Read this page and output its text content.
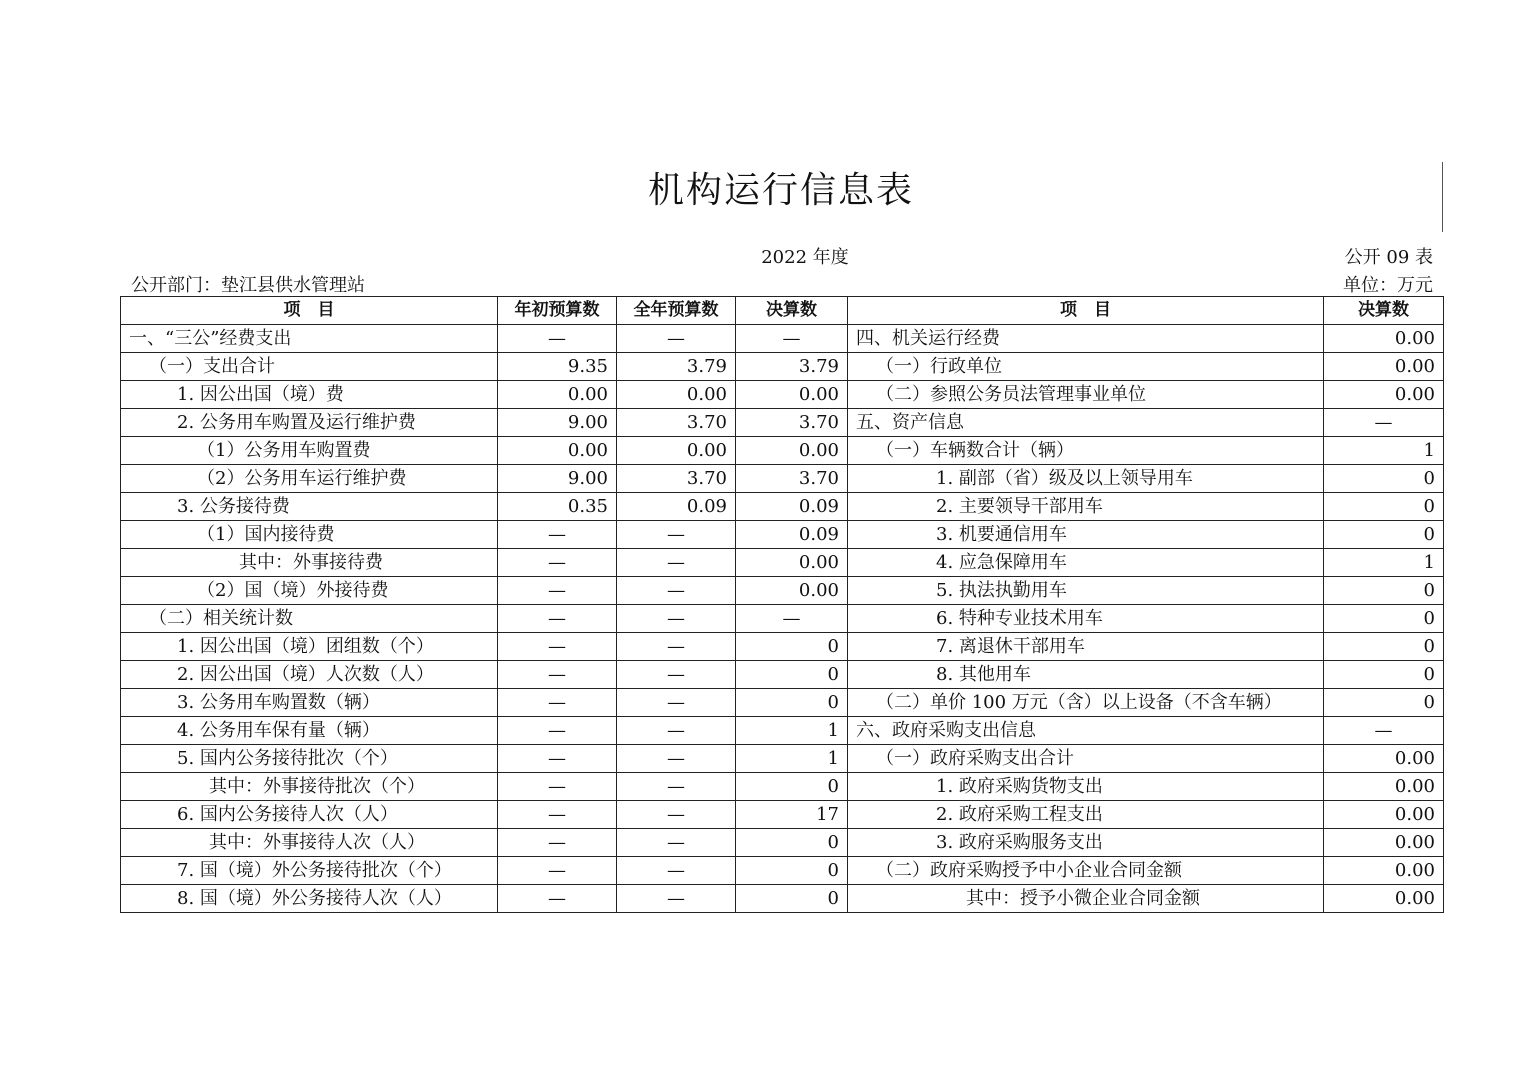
机构运行信息表
2022 年度	公开 09 表
公开部门：垫江县供水管理站	单位：万元
项　目	年初预算数	全年预算数	决算数	项　目	决算数
一、“三公”经费支出	—	—	—	四、机关运行经费	0.00
（一）支出合计	9.35	3.79	3.79	（一）行政单位	0.00
1. 因公出国（境）费	0.00	0.00	0.00	（二）参照公务员法管理事业单位	0.00
2. 公务用车购置及运行维护费	9.00	3.70	3.70	五、资产信息	—
（1）公务用车购置费	0.00	0.00	0.00	（一）车辆数合计（辆）	1
（2）公务用车运行维护费	9.00	3.70	3.70	1. 副部（省）级及以上领导用车	0
3. 公务接待费	0.35	0.09	0.09	2. 主要领导干部用车	0
（1）国内接待费	—	—	0.09	3. 机要通信用车	0
其中：外事接待费	—	—	0.00	4. 应急保障用车	1
（2）国（境）外接待费	—	—	0.00	5. 执法执勤用车	0
（二）相关统计数	—	—	—	6. 特种专业技术用车	0
1. 因公出国（境）团组数（个）	—	—	0	7. 离退休干部用车	0
2. 因公出国（境）人次数（人）	—	—	0	8. 其他用车	0
3. 公务用车购置数（辆）	—	—	0	（二）单价 100 万元（含）以上设备（不含车辆）	0
4. 公务用车保有量（辆）	—	—	1	六、政府采购支出信息	—
5. 国内公务接待批次（个）	—	—	1	（一）政府采购支出合计	0.00
其中：外事接待批次（个）	—	—	0	1. 政府采购货物支出	0.00
6. 国内公务接待人次（人）	—	—	17	2. 政府采购工程支出	0.00
其中：外事接待人次（人）	—	—	0	3. 政府采购服务支出	0.00
7. 国（境）外公务接待批次（个）	—	—	0	（二）政府采购授予中小企业合同金额	0.00
8. 国（境）外公务接待人次（人）	—	—	0	其中：授予小微企业合同金额	0.00
